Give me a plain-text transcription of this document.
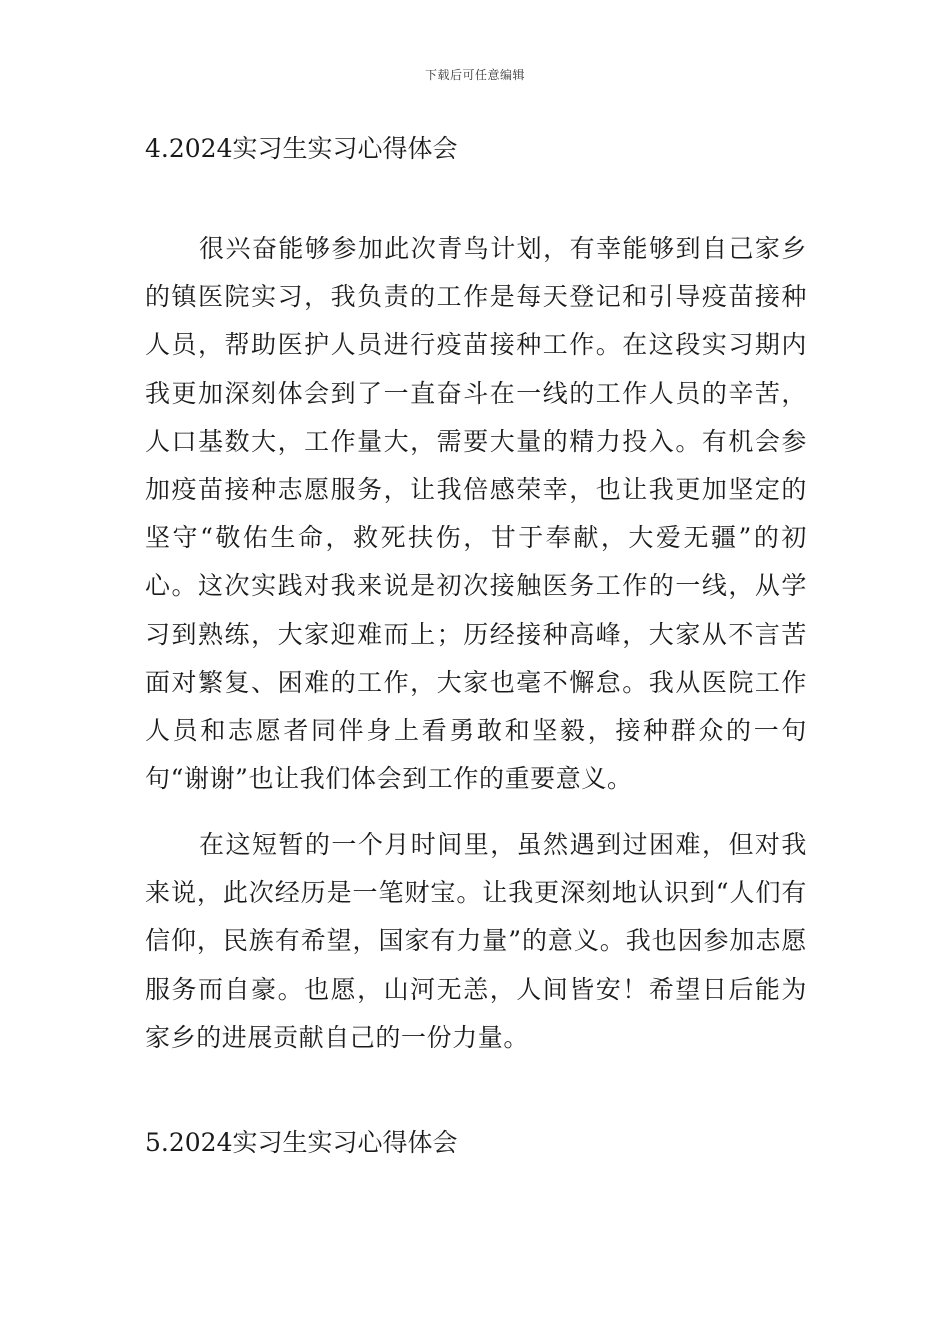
下载后可任意编辑
4.2024实习生实习心得体会

很兴奋能够参加此次青鸟计划，有幸能够到自己家乡的镇医院实习，我负责的工作是每天登记和引导疫苗接种人员，帮助医护人员进行疫苗接种工作。在这段实习期内我更加深刻体会到了一直奋斗在一线的工作人员的辛苦，人口基数大，工作量大，需要大量的精力投入。有机会参加疫苗接种志愿服务，让我倍感荣幸，也让我更加坚定的坚守“敬佑生命，救死扶伤，甘于奉献，大爱无疆”的初心。这次实践对我来说是初次接触医务工作的一线，从学习到熟练，大家迎难而上；历经接种高峰，大家从不言苦面对繁复、困难的工作，大家也毫不懈怠。我从医院工作人员和志愿者同伴身上看勇敢和坚毅，接种群众的一句句“谢谢”也让我们体会到工作的重要意义。

在这短暂的一个月时间里，虽然遇到过困难，但对我来说，此次经历是一笔财宝。让我更深刻地认识到“人们有信仰，民族有希望，国家有力量”的意义。我也因参加志愿服务而自豪。也愿，山河无恙，人间皆安！希望日后能为家乡的进展贡献自己的一份力量。

5.2024实习生实习心得体会
